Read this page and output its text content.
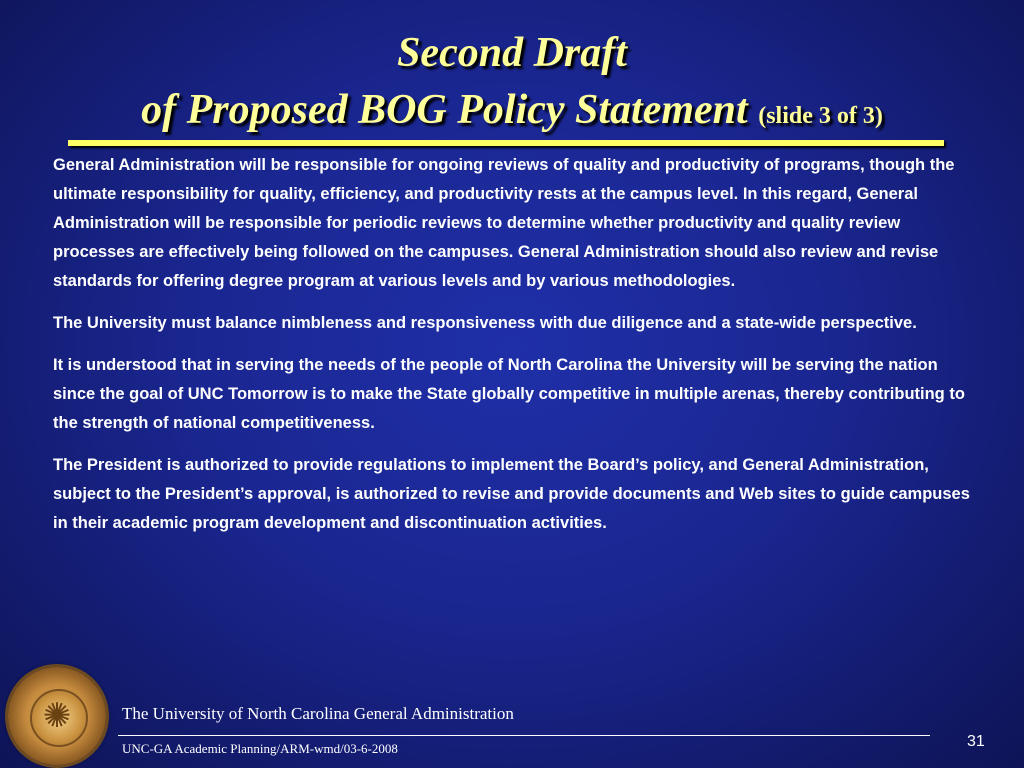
Second Draft
of Proposed BOG Policy Statement (slide 3 of 3)

General Administration will be responsible for ongoing reviews of quality and productivity of programs, though the ultimate responsibility for quality, efficiency, and productivity rests at the campus level. In this regard, General Administration will be responsible for periodic reviews to determine whether productivity and quality review processes are effectively being followed on the campuses. General Administration should also review and revise standards for offering degree program at various levels and by various methodologies.

The University must balance nimbleness and responsiveness with due diligence and a state-wide perspective.

It is understood that in serving the needs of the people of North Carolina the University will be serving the nation since the goal of UNC Tomorrow is to make the State globally competitive in multiple arenas, thereby contributing to the strength of national competitiveness.

The President is authorized to provide regulations to implement the Board’s policy, and General Administration, subject to the President’s approval, is authorized to revise and provide documents and Web sites to guide campuses in their academic program development and discontinuation activities.

✺	The University of North Carolina General Administration
UNC-GA Academic Planning/ARM-wmd/03-6-2008	31
